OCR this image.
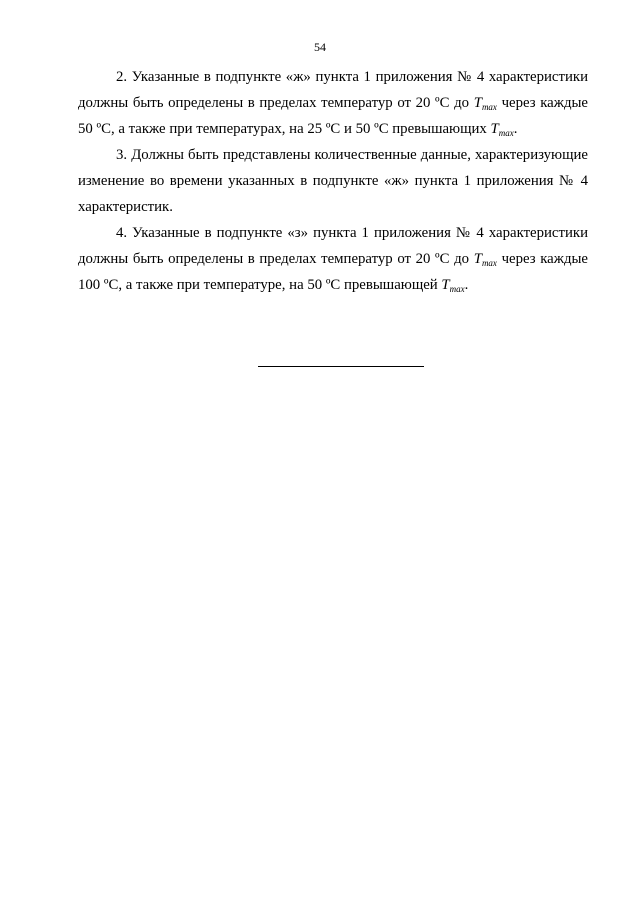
54

2. Указанные в подпункте «ж» пункта 1 приложения № 4 характеристики
должны быть определены в пределах температур от 20 ºС до $T_{max}$ через каждые
50 ºС, а также при температурах, на 25 ºС и 50 ºС превышающих $T_{max}$.

3. Должны быть представлены количественные данные, характеризующие
изменение во времени указанных в подпункте «ж» пункта 1 приложения № 4
характеристик.

4. Указанные в подпункте «з» пункта 1 приложения № 4 характеристики
должны быть определены в пределах температур от 20 ºС до $T_{max}$ через каждые
100 ºС, а также при температуре, на 50 ºС превышающей $T_{max}$.
